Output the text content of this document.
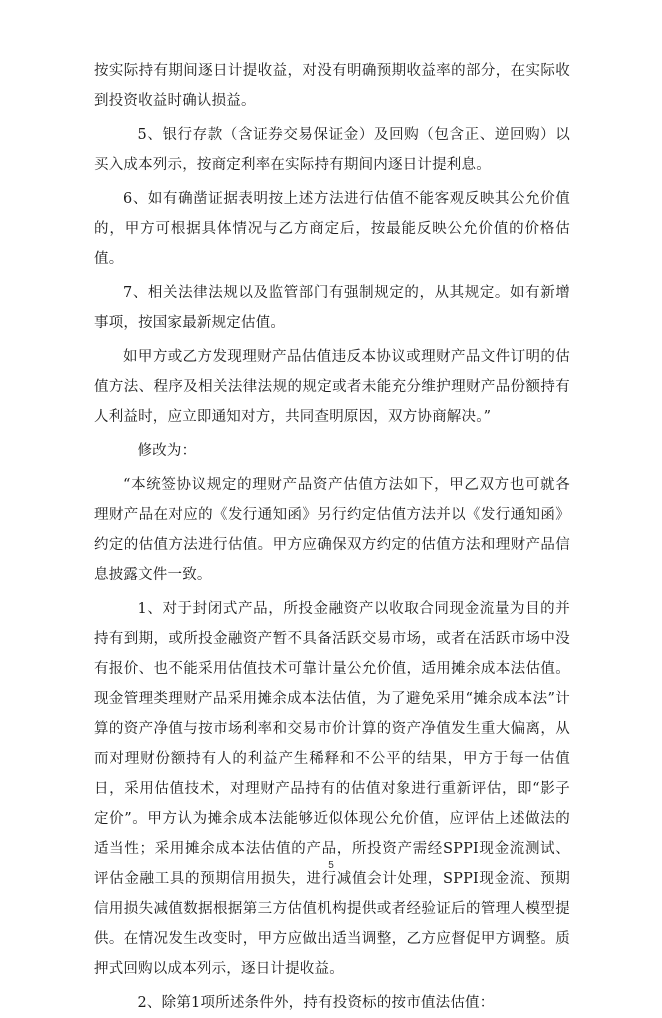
按实际持有期间逐日计提收益，对没有明确预期收益率的部分，在实际收到投资收益时确认损益。

5、银行存款（含证券交易保证金）及回购（包含正、逆回购）以买入成本列示，按商定利率在实际持有期间内逐日计提利息。

6、如有确凿证据表明按上述方法进行估值不能客观反映其公允价值的，甲方可根据具体情况与乙方商定后，按最能反映公允价值的价格估值。

7、相关法律法规以及监管部门有强制规定的，从其规定。如有新增事项，按国家最新规定估值。

如甲方或乙方发现理财产品估值违反本协议或理财产品文件订明的估值方法、程序及相关法律法规的规定或者未能充分维护理财产品份额持有人利益时，应立即通知对方，共同查明原因，双方协商解决。”

修改为：

“本统签协议规定的理财产品资产估值方法如下，甲乙双方也可就各理财产品在对应的《发行通知函》另行约定估值方法并以《发行通知函》约定的估值方法进行估值。甲方应确保双方约定的估值方法和理财产品信息披露文件一致。

1、对于封闭式产品，所投金融资产以收取合同现金流量为目的并持有到期，或所投金融资产暂不具备活跃交易市场，或者在活跃市场中没有报价、也不能采用估值技术可靠计量公允价值，适用摊余成本法估值。现金管理类理财产品采用摊余成本法估值，为了避免采用“摊余成本法”计算的资产净值与按市场利率和交易市价计算的资产净值发生重大偏离，从而对理财份额持有人的利益产生稀释和不公平的结果，甲方于每一估值日，采用估值技术，对理财产品持有的估值对象进行重新评估，即“影子定价”。甲方认为摊余成本法能够近似体现公允价值，应评估上述做法的适当性；采用摊余成本法估值的产品，所投资产需经SPPI现金流测试、评估金融工具的预期信用损失，进行减值会计处理，SPPI现金流、预期信用损失减值数据根据第三方估值机构提供或者经验证后的管理人模型提供。在情况发生改变时，甲方应做出适当调整，乙方应督促甲方调整。质押式回购以成本列示，逐日计提收益。

2、除第1项所述条件外，持有投资标的按市值法估值：

5
